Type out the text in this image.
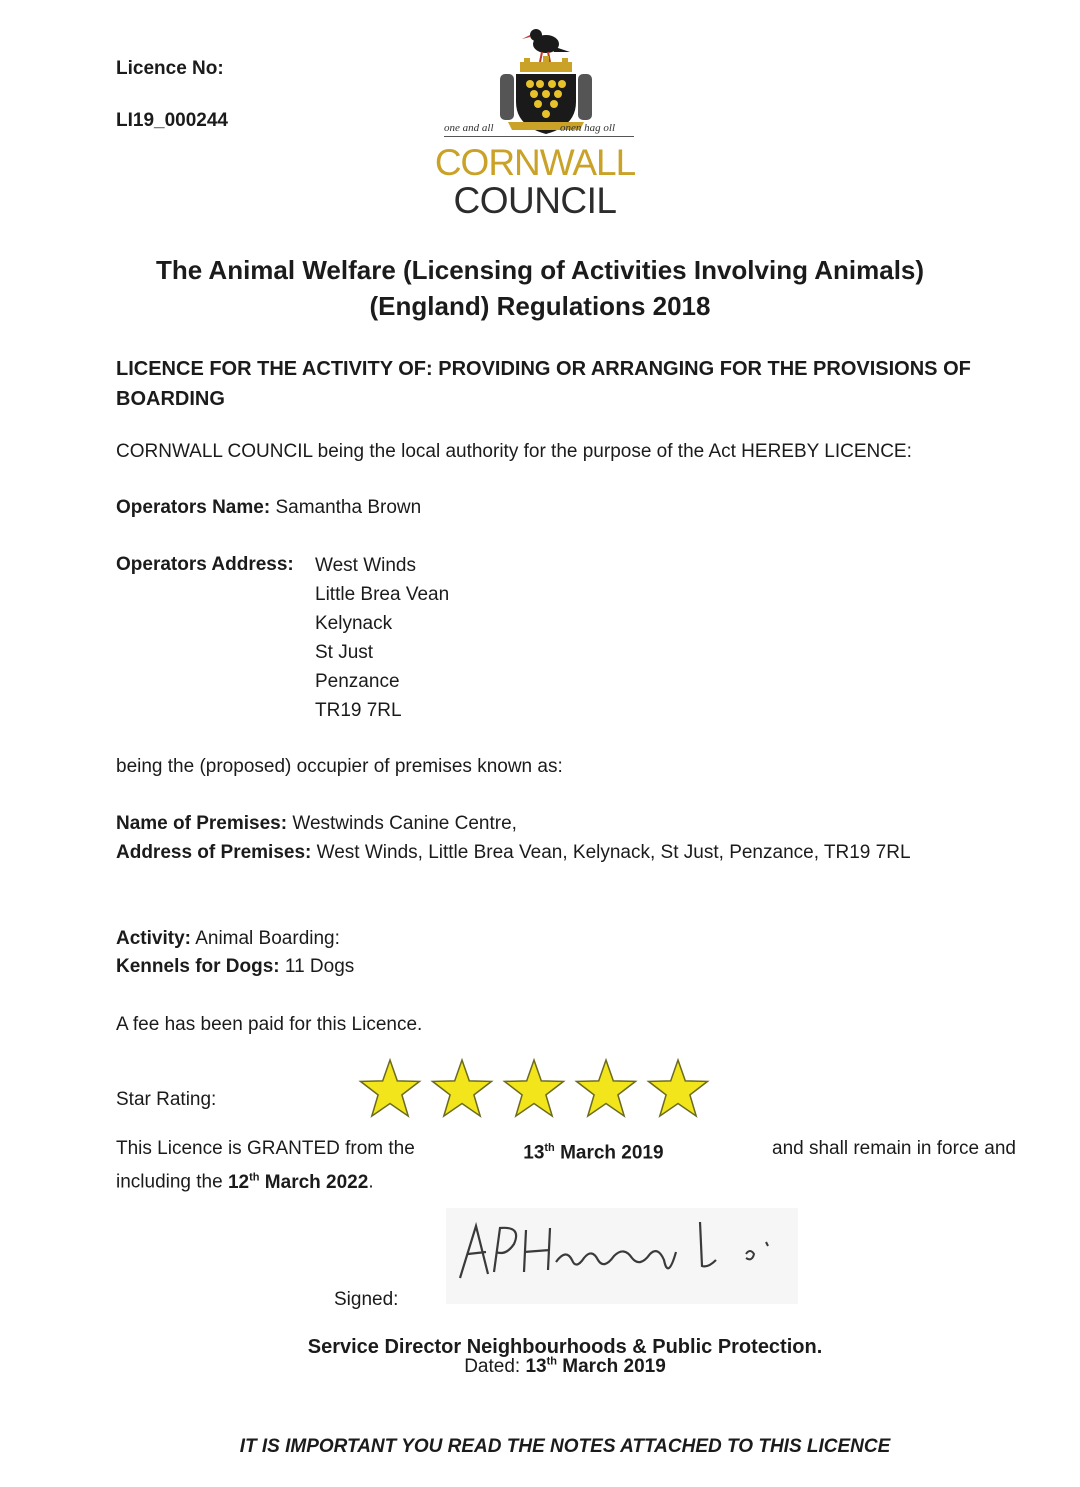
Licence No:
LI19_000244	one and all	onen hag oll
CORNWALL
COUNCIL
The Animal Welfare (Licensing of Activities Involving Animals)
(England) Regulations 2018
LICENCE FOR THE ACTIVITY OF: PROVIDING OR ARRANGING FOR THE PROVISIONS OF
BOARDING
CORNWALL COUNCIL being the local authority for the purpose of the Act HEREBY LICENCE:
Operators Name: Samantha Brown
Operators Address: West Winds
Little Brea Vean
Kelynack
St Just
Penzance
TR19 7RL
being the (proposed) occupier of premises known as:
Name of Premises: Westwinds Canine Centre,
Address of Premises: West Winds, Little Brea Vean, Kelynack, St Just, Penzance, TR19 7RL
Activity: Animal Boarding:
Kennels for Dogs: 11 Dogs
A fee has been paid for this Licence.
Star Rating:
This Licence is GRANTED from the	13th March 2019	and shall remain in force and
including the 12th March 2022.
Signed:
Service Director Neighbourhoods & Public Protection.
Dated: 13th March 2019
IT IS IMPORTANT YOU READ THE NOTES ATTACHED TO THIS LICENCE
